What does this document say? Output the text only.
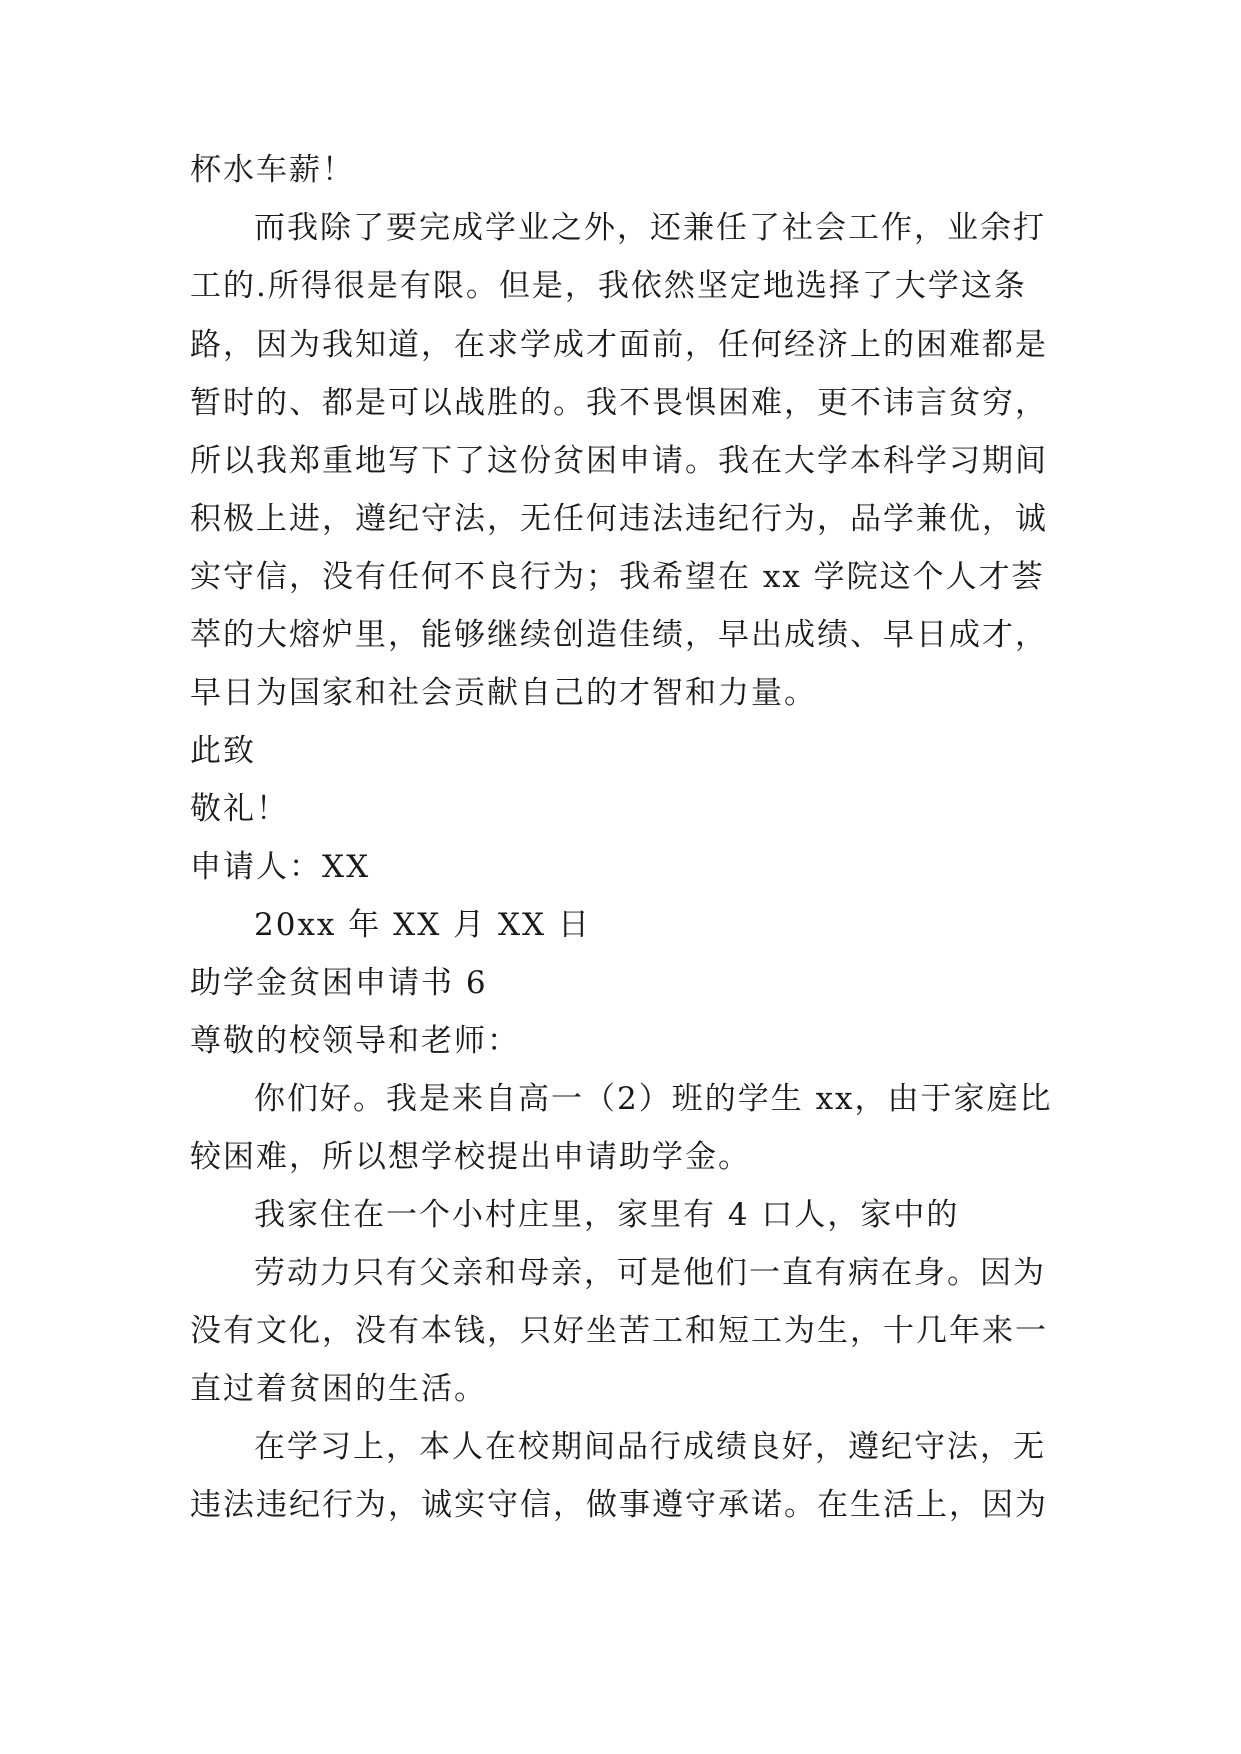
杯水车薪！
而我除了要完成学业之外，还兼任了社会工作，业余打
工的.所得很是有限。但是，我依然坚定地选择了大学这条
路，因为我知道，在求学成才面前，任何经济上的困难都是
暂时的、都是可以战胜的。我不畏惧困难，更不讳言贫穷，
所以我郑重地写下了这份贫困申请。我在大学本科学习期间
积极上进，遵纪守法，无任何违法违纪行为，品学兼优，诚
实守信，没有任何不良行为；我希望在 xx 学院这个人才荟
萃的大熔炉里，能够继续创造佳绩，早出成绩、早日成才，
早日为国家和社会贡献自己的才智和力量。
此致
敬礼！
申请人：XX
20xx 年 XX 月 XX 日
助学金贫困申请书 6
尊敬的校领导和老师：
你们好。我是来自高一（2）班的学生 xx，由于家庭比
较困难，所以想学校提出申请助学金。
我家住在一个小村庄里，家里有 4 口人，家中的
劳动力只有父亲和母亲，可是他们一直有病在身。因为
没有文化，没有本钱，只好坐苦工和短工为生，十几年来一
直过着贫困的生活。
在学习上，本人在校期间品行成绩良好，遵纪守法，无
违法违纪行为，诚实守信，做事遵守承诺。在生活上，因为
